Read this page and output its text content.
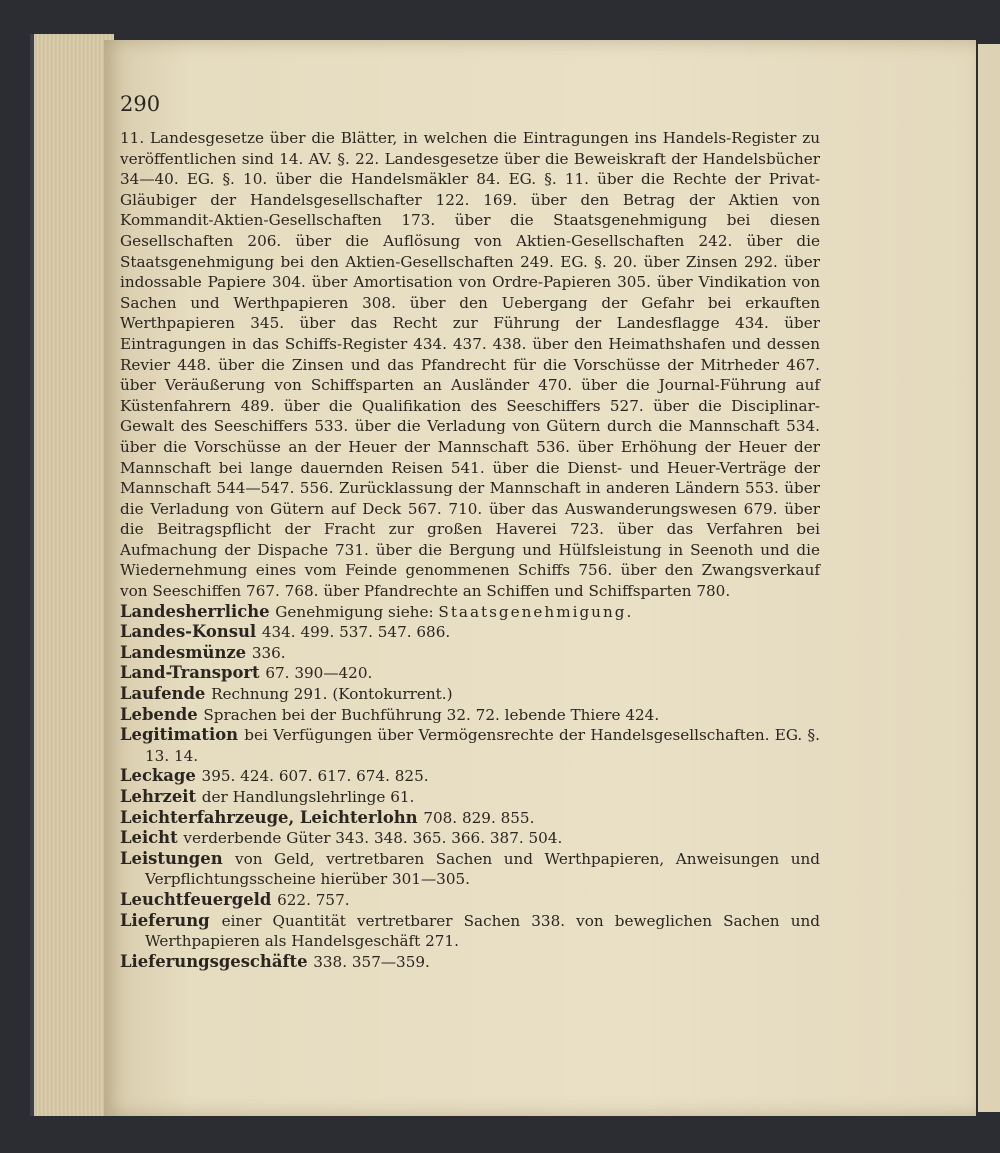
290

11. Landesgesetze über die Blätter, in welchen die Eintragungen ins Handels-Register zu veröffentlichen sind 14. AV. §. 22. Landesgesetze über die Beweiskraft der Handelsbücher 34—40. EG. §. 10. über die Handelsmäkler 84. EG. §. 11. über die Rechte der Privat-Gläubiger der Handelsgesellschafter 122. 169. über den Betrag der Aktien von Kommandit-Aktien-Gesellschaften 173. über die Staatsgenehmigung bei diesen Gesellschaften 206. über die Auflösung von Aktien-Gesellschaften 242. über die Staatsgenehmigung bei den Aktien-Gesellschaften 249. EG. §. 20. über Zinsen 292. über indossable Papiere 304. über Amortisation von Ordre-Papieren 305. über Vindikation von Sachen und Werthpapieren 308. über den Uebergang der Gefahr bei erkauften Werthpapieren 345. über das Recht zur Führung der Landesflagge 434. über Eintragungen in das Schiffs-Register 434. 437. 438. über den Heimathshafen und dessen Revier 448. über die Zinsen und das Pfandrecht für die Vorschüsse der Mitrheder 467. über Veräußerung von Schiffsparten an Ausländer 470. über die Journal-Führung auf Küstenfahrern 489. über die Qualifikation des Seeschiffers 527. über die Disciplinar-Gewalt des Seeschiffers 533. über die Verladung von Gütern durch die Mannschaft 534. über die Vorschüsse an der Heuer der Mannschaft 536. über Erhöhung der Heuer der Mannschaft bei lange dauernden Reisen 541. über die Dienst- und Heuer-Verträge der Mannschaft 544—547. 556. Zurücklassung der Mannschaft in anderen Ländern 553. über die Verladung von Gütern auf Deck 567. 710. über das Auswanderungswesen 679. über die Beitragspflicht der Fracht zur großen Haverei 723. über das Verfahren bei Aufmachung der Dispache 731. über die Bergung und Hülfsleistung in Seenoth und die Wiedernehmung eines vom Feinde genommenen Schiffs 756. über den Zwangsverkauf von Seeschiffen 767. 768. über Pfandrechte an Schiffen und Schiffsparten 780.

Landesherrliche Genehmigung siehe: Staatsgenehmigung.

Landes-Konsul 434. 499. 537. 547. 686.

Landesmünze 336.

Land-Transport 67. 390—420.

Laufende Rechnung 291. (Kontokurrent.)

Lebende Sprachen bei der Buchführung 32. 72. lebende Thiere 424.

Legitimation bei Verfügungen über Vermögensrechte der Handelsgesellschaften. EG. §. 13. 14.

Leckage 395. 424. 607. 617. 674. 825.

Lehrzeit der Handlungslehrlinge 61.

Leichterfahrzeuge, Leichterlohn 708. 829. 855.

Leicht verderbende Güter 343. 348. 365. 366. 387. 504.

Leistungen von Geld, vertretbaren Sachen und Werthpapieren, Anweisungen und Verpflichtungsscheine hierüber 301—305.

Leuchtfeuergeld 622. 757.

Lieferung einer Quantität vertretbarer Sachen 338. von beweglichen Sachen und Werthpapieren als Handelsgeschäft 271.

Lieferungsgeschäfte 338. 357—359.
